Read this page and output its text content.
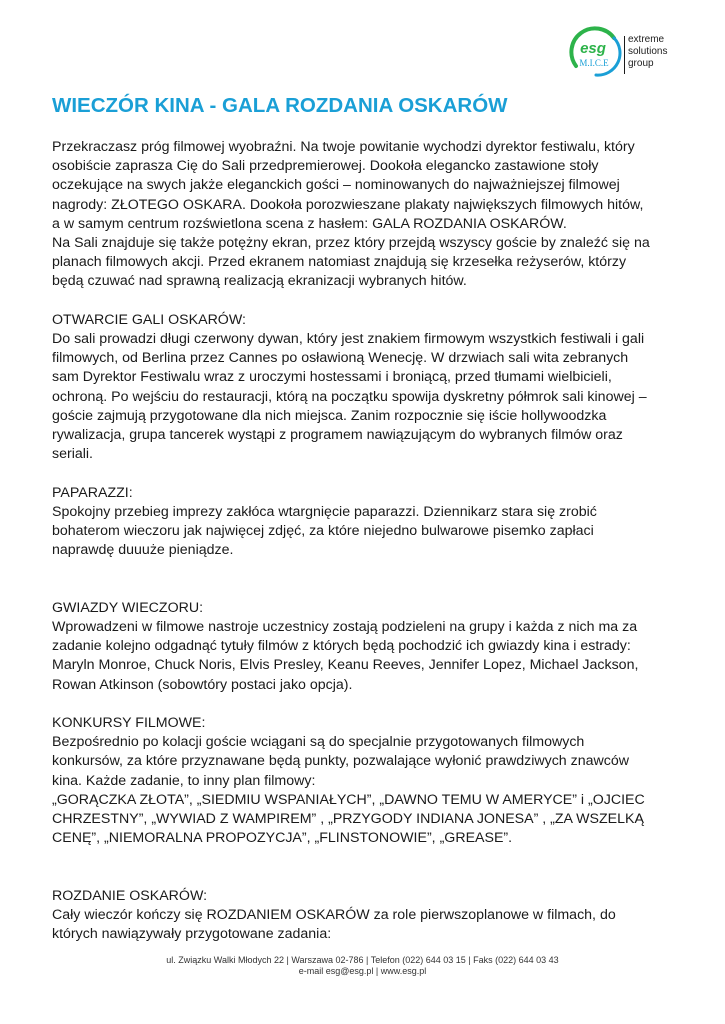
esg
M.I.C.E
extreme
solutions
group
WIECZÓR KINA - GALA ROZDANIA OSKARÓW

Przekraczasz próg filmowej wyobraźni. Na twoje powitanie wychodzi dyrektor festiwalu, który

osobiście zaprasza Cię do Sali przedpremierowej. Dookoła elegancko zastawione stoły

oczekujące na swych jakże eleganckich gości – nominowanych do najważniejszej filmowej

nagrody: ZŁOTEGO OSKARA. Dookoła porozwieszane plakaty największych filmowych hitów,

a w samym centrum rozświetlona scena z hasłem: GALA ROZDANIA OSKARÓW.

Na Sali znajduje się także potężny ekran, przez który przejdą wszyscy goście by znaleźć się na

planach filmowych akcji. Przed ekranem natomiast znajdują się krzesełka reżyserów, którzy

będą czuwać nad sprawną realizacją ekranizacji wybranych hitów.

OTWARCIE GALI OSKARÓW:

Do sali prowadzi długi czerwony dywan, który jest znakiem firmowym wszystkich festiwali i gali

filmowych, od Berlina przez Cannes po osławioną Wenecję. W drzwiach sali wita zebranych

sam Dyrektor Festiwalu wraz z uroczymi hostessami i broniącą, przed tłumami wielbicieli,

ochroną. Po wejściu do restauracji, którą na początku spowija dyskretny półmrok sali kinowej –

goście zajmują przygotowane dla nich miejsca. Zanim rozpocznie się iście hollywoodzka

rywalizacja, grupa tancerek wystąpi z programem nawiązującym do wybranych filmów oraz

seriali.

PAPARAZZI:

Spokojny przebieg imprezy zakłóca wtargnięcie paparazzi. Dziennikarz stara się zrobić

bohaterom wieczoru jak najwięcej zdjęć, za które niejedno bulwarowe pisemko zapłaci

naprawdę duuuże pieniądze.

GWIAZDY WIECZORU:

Wprowadzeni w filmowe nastroje uczestnicy zostają podzieleni na grupy i każda z nich ma za

zadanie kolejno odgadnąć tytuły filmów z których będą pochodzić ich gwiazdy kina i estrady:

Maryln Monroe, Chuck Noris, Elvis Presley, Keanu Reeves, Jennifer Lopez, Michael Jackson,

Rowan Atkinson (sobowtóry postaci jako opcja).

KONKURSY FILMOWE:

Bezpośrednio po kolacji goście wciągani są do specjalnie przygotowanych filmowych

konkursów, za które przyznawane będą punkty, pozwalające wyłonić prawdziwych znawców

kina. Każde zadanie, to inny plan filmowy:

„GORĄCZKA ZŁOTA”, „SIEDMIU WSPANIAŁYCH”, „DAWNO TEMU W AMERYCE” i „OJCIEC

CHRZESTNY”, „WYWIAD Z WAMPIREM” , „PRZYGODY INDIANA JONESA” , „ZA WSZELKĄ

CENĘ”, „NIEMORALNA PROPOZYCJA”, „FLINSTONOWIE”, „GREASE”.

ROZDANIE OSKARÓW:

Cały wieczór kończy się ROZDANIEM OSKARÓW za role pierwszoplanowe w filmach, do

których nawiązywały przygotowane zadania:

ul. Związku Walki Młodych 22 | Warszawa 02-786 | Telefon (022) 644 03 15 | Faks (022) 644 03 43
e-mail esg@esg.pl | www.esg.pl
